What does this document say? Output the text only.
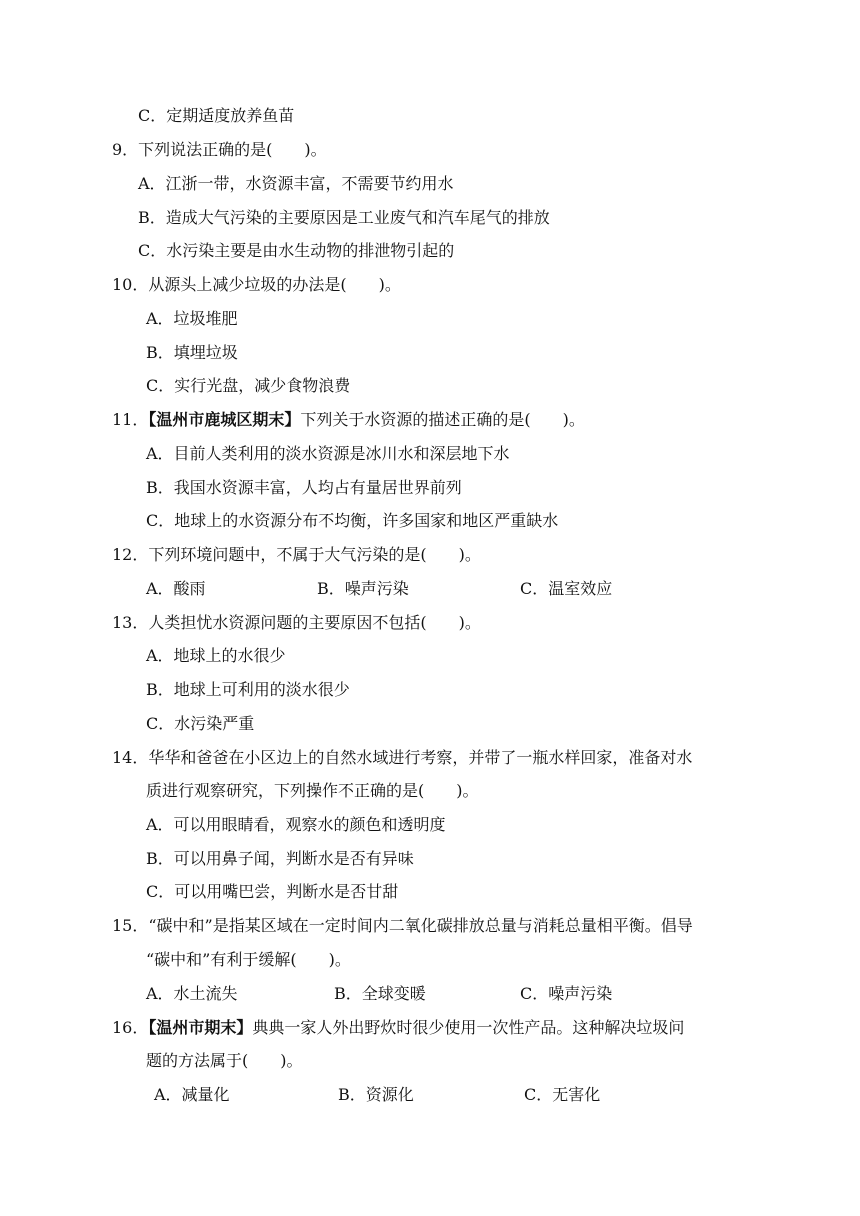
C．定期适度放养鱼苗
9．下列说法正确的是(　　)。
A．江浙一带，水资源丰富，不需要节约用水
B．造成大气污染的主要原因是工业废气和汽车尾气的排放
C．水污染主要是由水生动物的排泄物引起的
10．从源头上减少垃圾的办法是(　　)。
A．垃圾堆肥
B．填埋垃圾
C．实行光盘，减少食物浪费
11．【温州市鹿城区期末】下列关于水资源的描述正确的是(　　)。
A．目前人类利用的淡水资源是冰川水和深层地下水
B．我国水资源丰富，人均占有量居世界前列
C．地球上的水资源分布不均衡，许多国家和地区严重缺水
12．下列环境问题中，不属于大气污染的是(　　)。
A．酸雨	B．噪声污染	C．温室效应
13．人类担忧水资源问题的主要原因不包括(　　)。
A．地球上的水很少
B．地球上可利用的淡水很少
C．水污染严重
14．华华和爸爸在小区边上的自然水域进行考察，并带了一瓶水样回家，准备对水
质进行观察研究，下列操作不正确的是(　　)。
A．可以用眼睛看，观察水的颜色和透明度
B．可以用鼻子闻，判断水是否有异味
C．可以用嘴巴尝，判断水是否甘甜
15．“碳中和”是指某区域在一定时间内二氧化碳排放总量与消耗总量相平衡。倡导
“碳中和”有利于缓解(　　)。
A．水土流失	B．全球变暖	C．噪声污染
16．【温州市期末】典典一家人外出野炊时很少使用一次性产品。这种解决垃圾问
题的方法属于(　　)。
A．减量化	B．资源化	C．无害化
